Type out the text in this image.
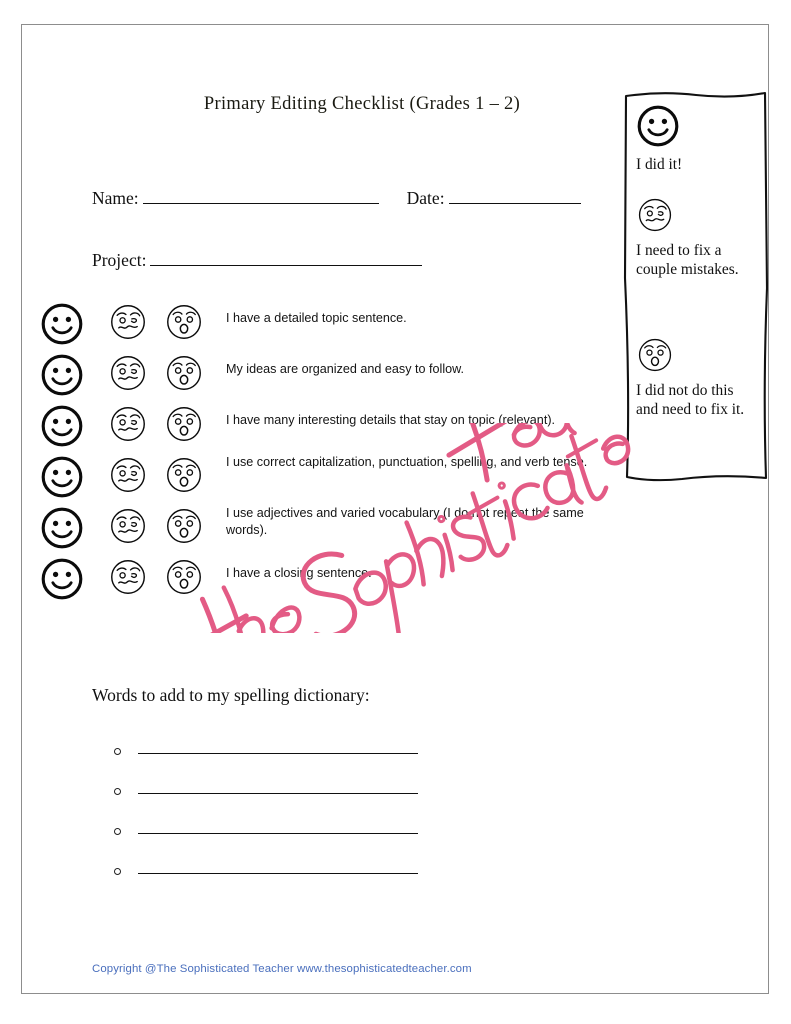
Primary Editing Checklist (Grades 1 – 2)
Name:	Date:
Project:
I have a detailed topic sentence.
My ideas are organized and easy to follow.
I have many interesting details that stay on topic (relevant).
I use correct capitalization, punctuation, spelling, and verb tense.
I use adjectives and varied vocabulary (I do not repeat the same words).
I have a closing sentence.
I did it!
I need to fix a couple mistakes.
I did not do this and need to fix it.
Words to add to my spelling dictionary:
Copyright @The Sophisticated Teacher www.thesophisticatedteacher.com
